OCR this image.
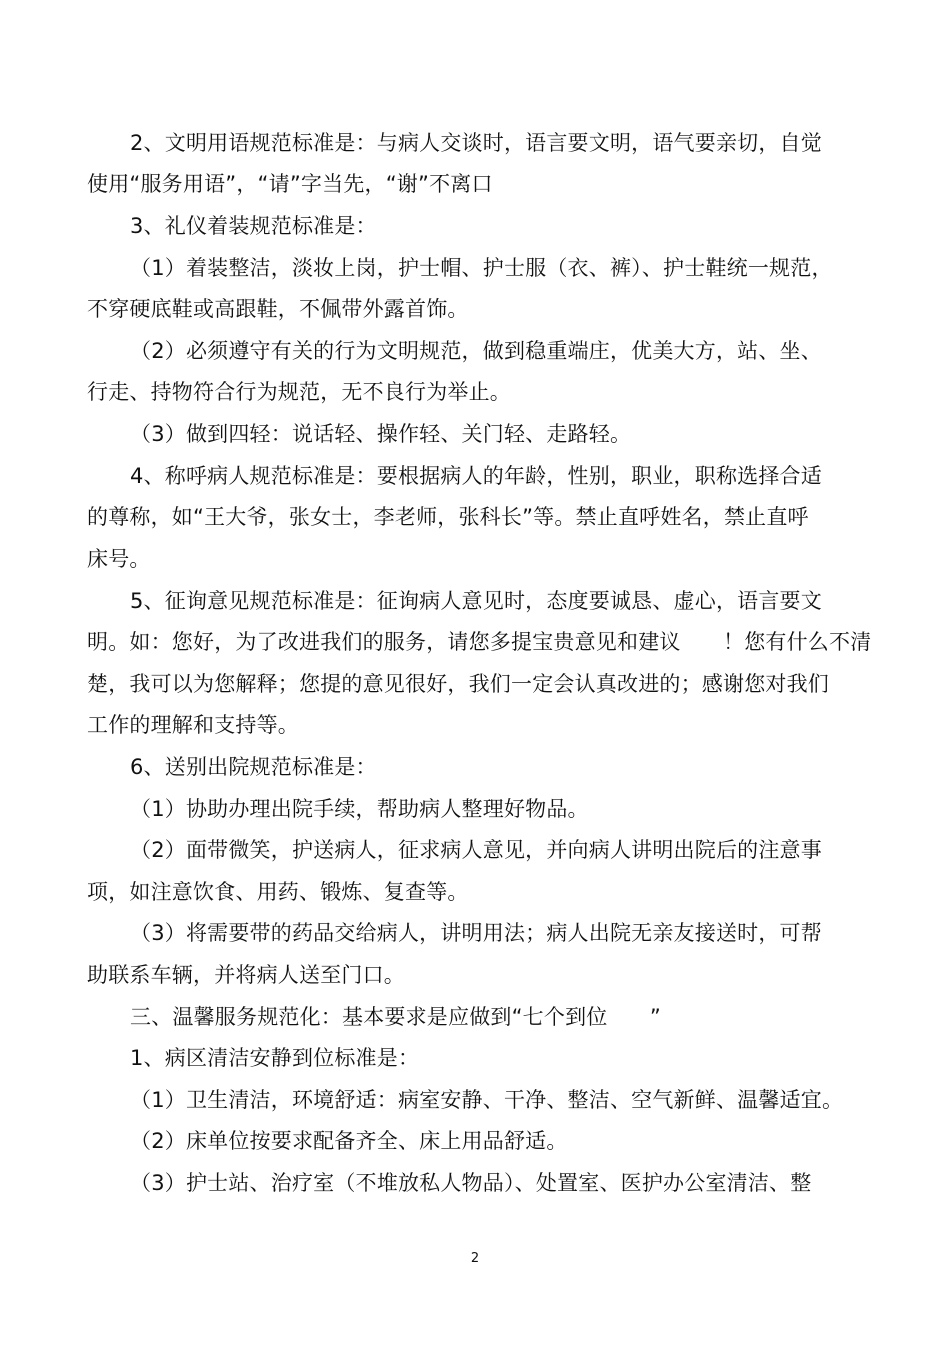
2、文明用语规范标准是：与病人交谈时，语言要文明，语气要亲切，自觉
使用“服务用语”，“请”字当先，“谢”不离口
3、礼仪着装规范标准是：
（1）着装整洁，淡妆上岗，护士帽、护士服（衣、裤）、护士鞋统一规范，
不穿硬底鞋或高跟鞋，不佩带外露首饰。
（2）必须遵守有关的行为文明规范，做到稳重端庄，优美大方，站、坐、
行走、持物符合行为规范，无不良行为举止。
（3）做到四轻：说话轻、操作轻、关门轻、走路轻。
4、称呼病人规范标准是：要根据病人的年龄，性别，职业，职称选择合适
的尊称，如“王大爷，张女士，李老师，张科长”等。禁止直呼姓名，禁止直呼
床号。
5、征询意见规范标准是：征询病人意见时，态度要诚恳、虚心，语言要文
明。如：您好，为了改进我们的服务，请您多提宝贵意见和建议　　！您有什么不清
楚，我可以为您解释；您提的意见很好，我们一定会认真改进的；感谢您对我们
工作的理解和支持等。
6、送别出院规范标准是：
（1）协助办理出院手续，帮助病人整理好物品。
（2）面带微笑，护送病人，征求病人意见，并向病人讲明出院后的注意事
项，如注意饮食、用药、锻炼、复查等。
（3）将需要带的药品交给病人，讲明用法；病人出院无亲友接送时，可帮
助联系车辆，并将病人送至门口。
三、温馨服务规范化：基本要求是应做到“七个到位　　”
1、病区清洁安静到位标准是：
（1）卫生清洁，环境舒适：病室安静、干净、整洁、空气新鲜、温馨适宜。
（2）床单位按要求配备齐全、床上用品舒适。
（3）护士站、治疗室（不堆放私人物品）、处置室、医护办公室清洁、整
2
